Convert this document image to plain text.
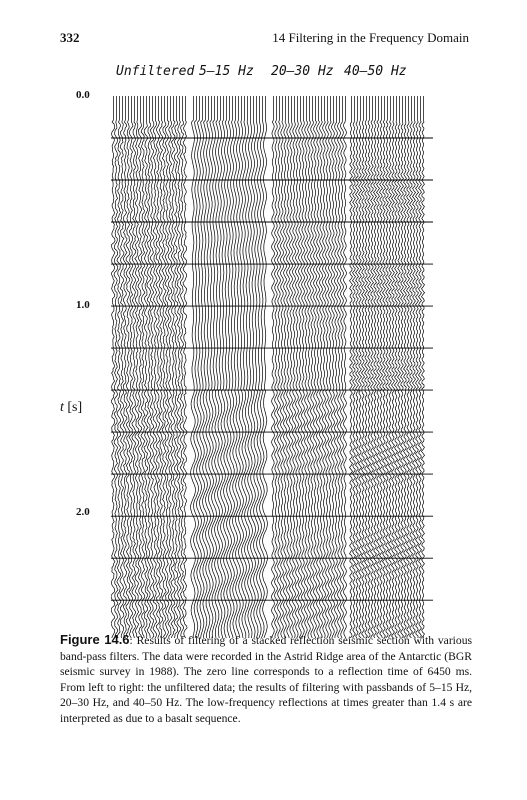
332	14 Filtering in the Frequency Domain
Unfiltered 5–15 Hz 20–30 Hz 40–50 Hz
0.0
1.0
2.0
t [s]
Figure 14.6: Results of filtering of a stacked reflection seismic section with various band-pass filters. The data were recorded in the Astrid Ridge area of the Antarctic (BGR seismic survey in 1988). The zero line corresponds to a reflection time of 6450 ms. From left to right: the unfiltered data; the results of filtering with passbands of 5–15 Hz, 20–30 Hz, and 40–50 Hz. The low-frequency reflections at times greater than 1.4 s are interpreted as due to a basalt sequence.
